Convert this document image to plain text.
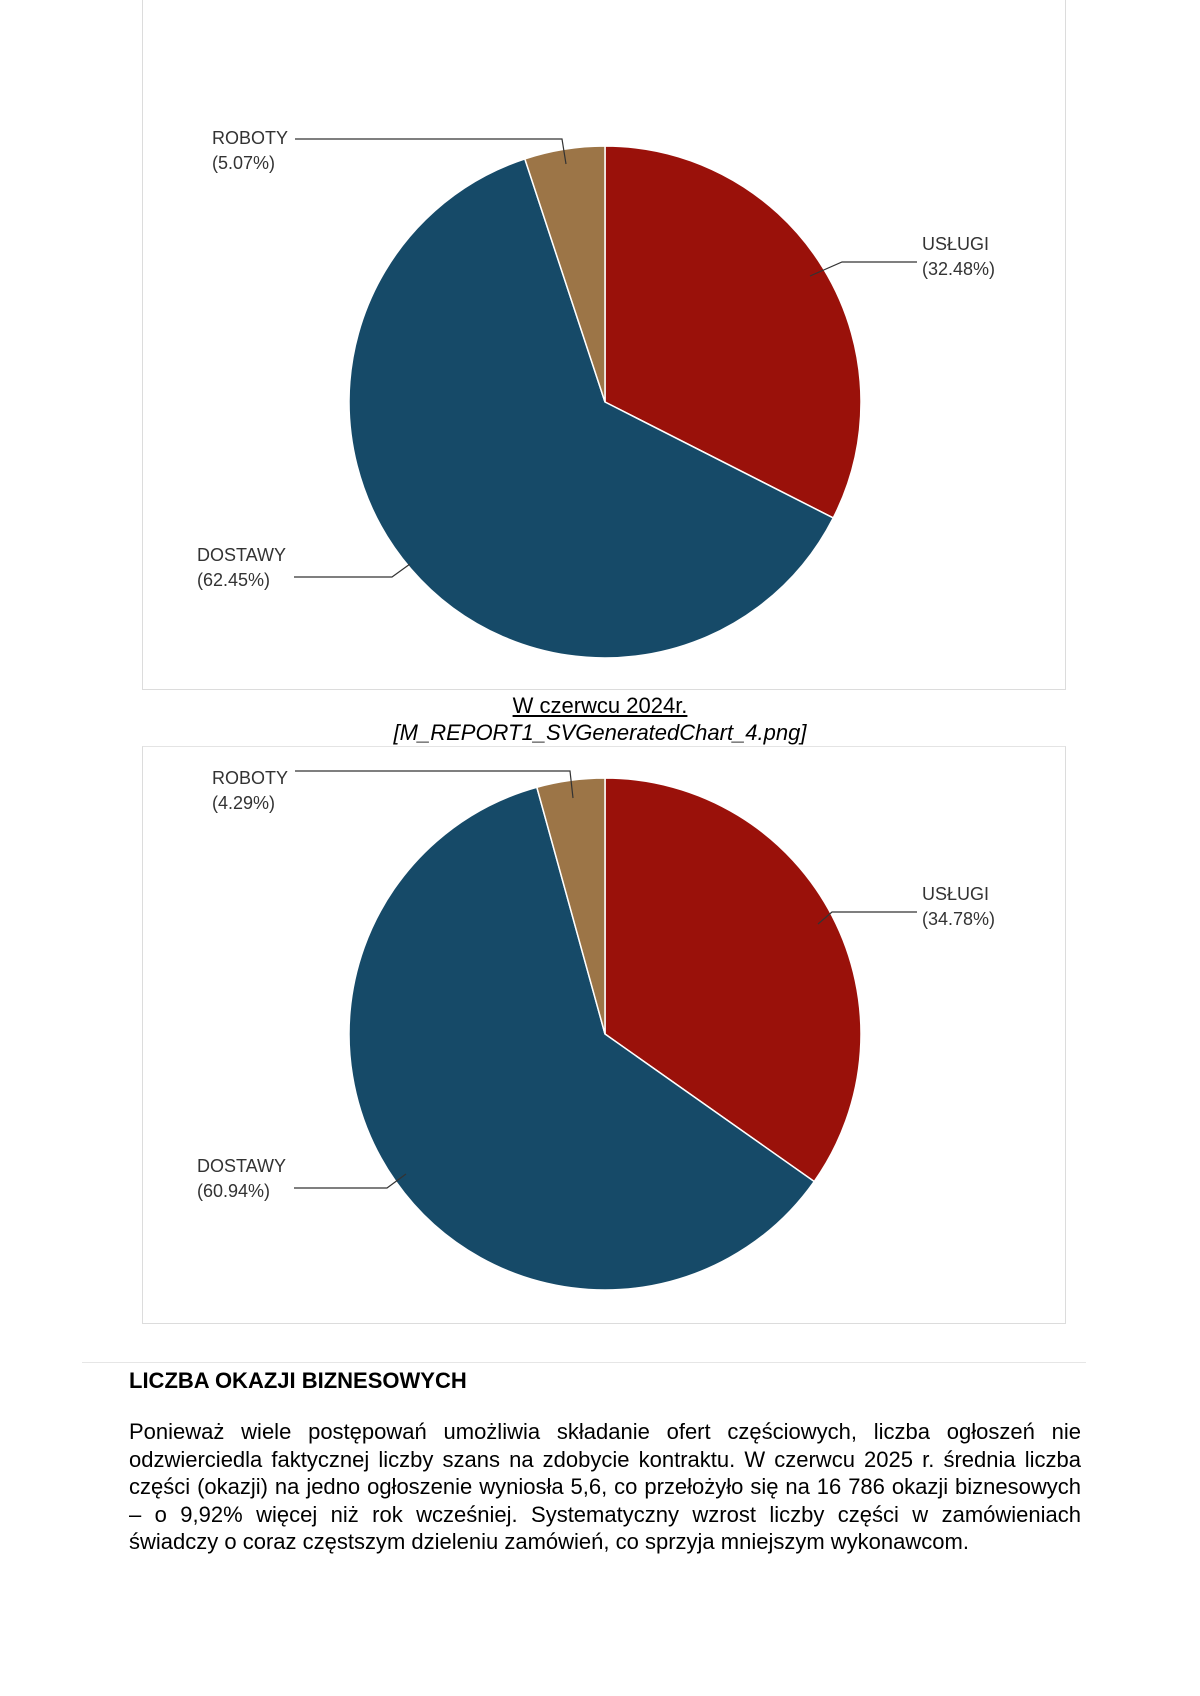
USŁUGI
(32.48%)
DOSTAWY
(62.45%)
ROBOTY
(5.07%)
W czerwcu 2024r.
[M_REPORT1_SVGeneratedChart_4.png]
USŁUGI
(34.78%)
DOSTAWY
(60.94%)
ROBOTY
(4.29%)
LICZBA OKAZJI BIZNESOWYCH
Ponieważ wiele postępowań umożliwia składanie ofert częściowych, liczba ogłoszeń nie odzwierciedla faktycznej liczby szans na zdobycie kontraktu. W czerwcu 2025 r. średnia liczba części (okazji) na jedno ogłoszenie wyniosła 5,6, co przełożyło się na 16 786 okazji biznesowych – o 9,92% więcej niż rok wcześniej. Systematyczny wzrost liczby części w zamówieniach świadczy o coraz częstszym dzieleniu zamówień, co sprzyja mniejszym wykonawcom.
